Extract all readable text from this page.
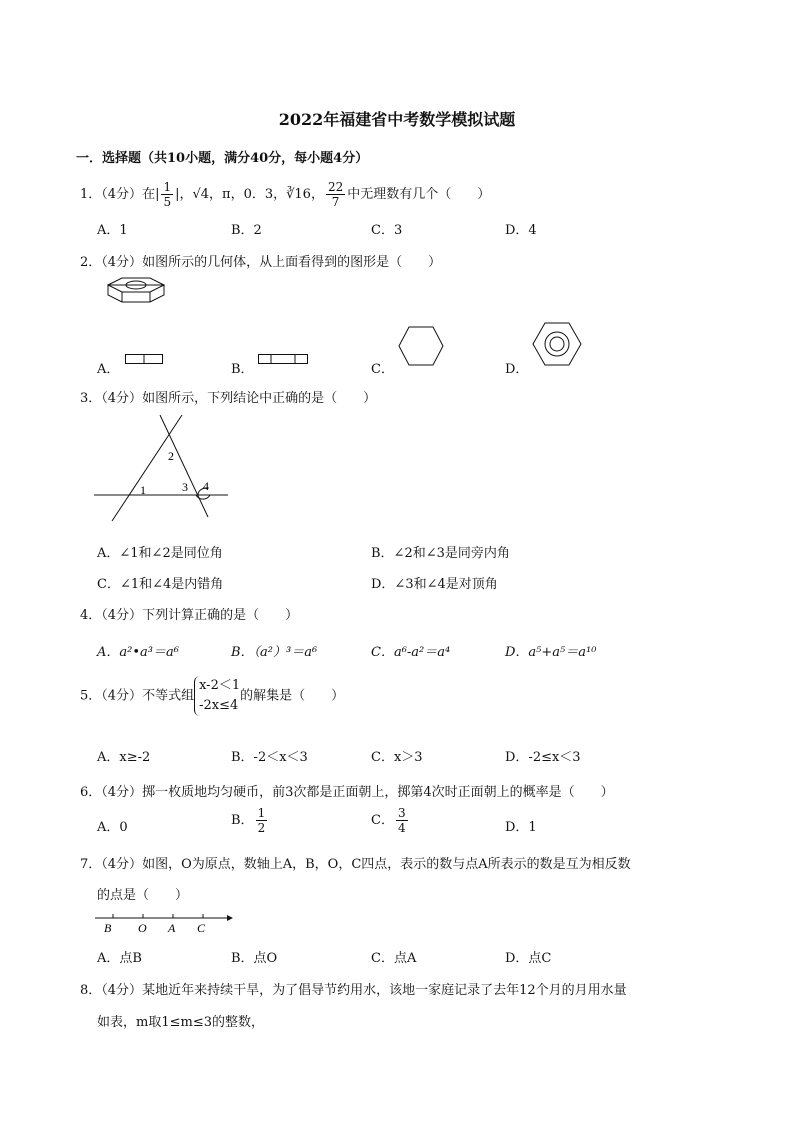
2022年福建省中考数学模拟试题
一．选择题（共10小题，满分40分，每小题4分）
1．（4分）在| $\frac{1}{5}$ |，√4，π，0．3，∛16， $\frac{22}{7}$ 中无理数有几个（　　）
A．1	B．2	C．3	D．4
2．（4分）如图所示的几何体，从上面看得到的图形是（　　）
A．	B．	C．	D．
3．（4分）如图所示，下列结论中正确的是（　　）
1
2
3 4
A．∠1和∠2是同位角	B．∠2和∠3是同旁内角
C．∠1和∠4是内错角	D．∠3和∠4是对顶角
4．（4分）下列计算正确的是（　　）
A．a²•a³＝a⁶	B．（a²）³＝a⁶	C．a⁶-a²＝a⁴	D．a⁵+a⁵＝a¹⁰
5．（4分）不等式组
x-2＜1
-2x≤4
的解集是（　　）
A．x≥-2	B．-2＜x＜3	C．x＞3	D．-2≤x＜3
6．（4分）掷一枚质地均匀硬币，前3次都是正面朝上，掷第4次时正面朝上的概率是（　　）
A．0	B． $\frac{1}{2}$	C． $\frac{3}{4}$	D．1
7．（4分）如图，O为原点，数轴上A，B，O，C四点，表示的数与点A所表示的数是互为相反数
的点是（　　）
B O A C
A．点B	B．点O	C．点A	D．点C
8．（4分）某地近年来持续干旱，为了倡导节约用水，该地一家庭记录了去年12个月的月用水量
如表，m取1≤m≤3的整数，
